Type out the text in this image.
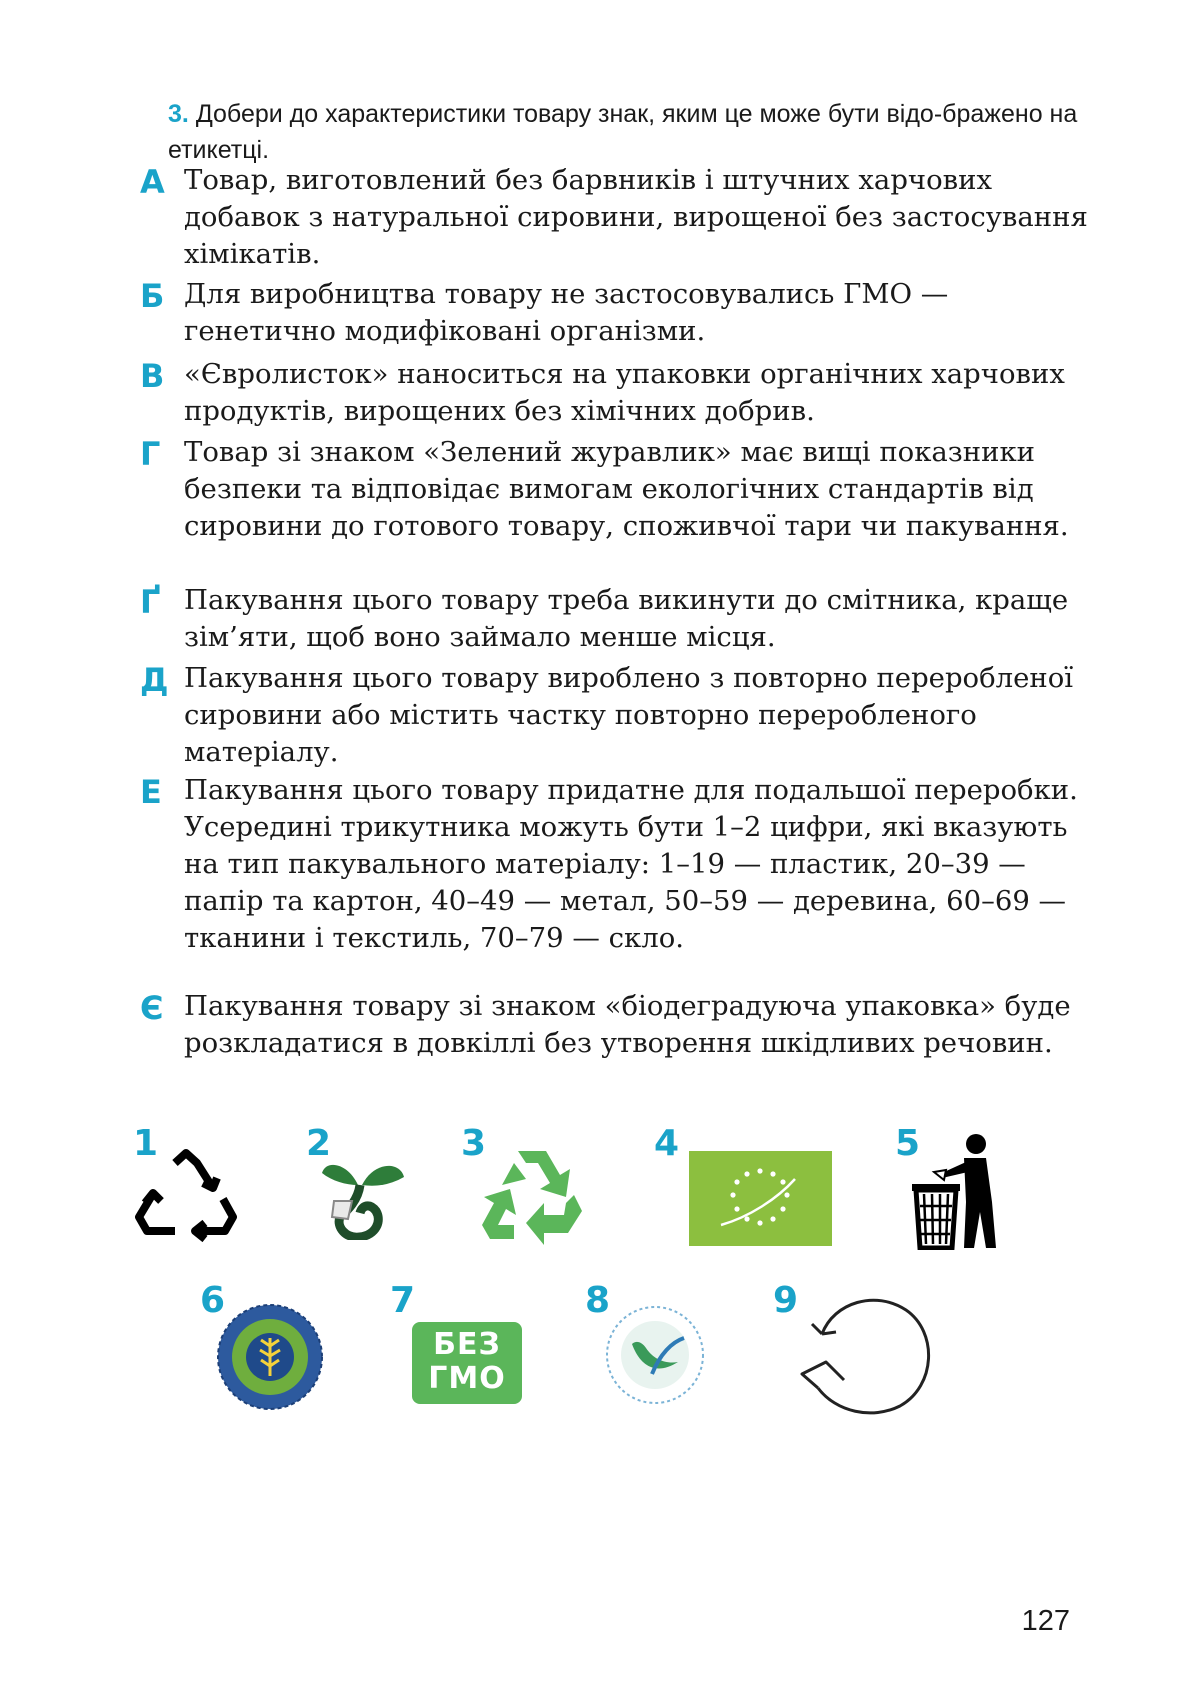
3. Добери до характеристики товару знак, яким це може бути відо-бражено на етикетці.
А Товар, виготовлений без барвників і штучних харчових добавок з натуральної сировини, вирощеної без застосування хімікатів.
Б Для виробництва товару не застосовувались ГМО — генетично модифіковані організми.
В «Євролисток» наноситься на упаковки органічних харчових продуктів, вирощених без хімічних добрив.
Г Товар зі знаком «Зелений журавлик» має вищі показники безпеки та відповідає вимогам екологічних стандартів від сировини до готового товару, споживчої тари чи пакування.
Ґ Пакування цього товару треба викинути до смітника, краще зім’яти, щоб воно займало менше місця.
Д Пакування цього товару вироблено з повторно переробленої сировини або містить частку повторно переробленого матеріалу.
Е Пакування цього товару придатне для подальшої переробки. Усередині трикутника можуть бути 1–2 цифри, які вказують на тип пакувального матеріалу: 1–19 — пластик, 20–39 — папір та картон, 40–49 — метал, 50–59 — деревина, 60–69 — тканини і текстиль, 70–79 — скло.
Є Пакування товару зі знаком «біодеградуюча упаковка» буде розкладатися в довкіллі без утворення шкідливих речовин.
1	2	3	4	5
6	7
БЕЗ
ГМО
8	9
127
